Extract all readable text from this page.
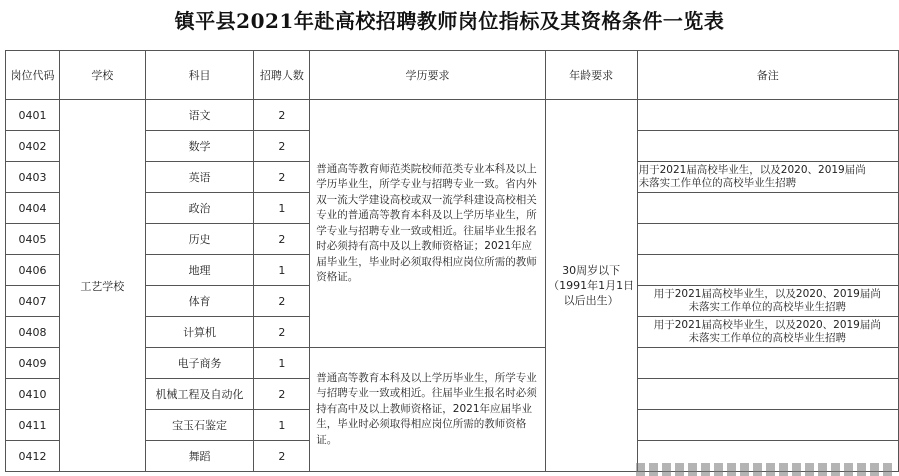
镇平县2021年赴高校招聘教师岗位指标及其资格条件一览表
岗位代码	学校	科目	招聘人数	学历要求	年龄要求	备注
0401	工艺学校	语文	2	普通高等教育师范类院校师范类专业本科及以上学历毕业生，所学专业与招聘专业一致。省内外双一流大学建设高校或双一流学科建设高校相关专业的普通高等教育本科及以上学历毕业生，所学专业与招聘专业一致或相近。往届毕业生报名时必须持有高中及以上教师资格证；2021年应届毕业生，毕业时必须取得相应岗位所需的教师资格证。	30周岁以下
（1991年1月1日
以后出生）	

0402		数学	2			
0403		英语	2			用于2021届高校毕业生，以及2020、2019届尚
未落实工作单位的高校毕业生招聘

0404		政治	1			
0405		历史	2			
0406		地理	1			
0407		体育	2			用于2021届高校毕业生，以及2020、2019届尚
未落实工作单位的高校毕业生招聘

0408		计算机	2			用于2021届高校毕业生，以及2020、2019届尚
未落实工作单位的高校毕业生招聘

0409		电子商务	1	普通高等教育本科及以上学历毕业生，所学专业与招聘专业一致或相近。往届毕业生报名时必须持有高中及以上教师资格证，2021年应届毕业生，毕业时必须取得相应岗位所需的教师资格证。		

0410		机械工程及自动化	2			
0411		宝玉石鉴定	1			
0412		舞蹈	2			
